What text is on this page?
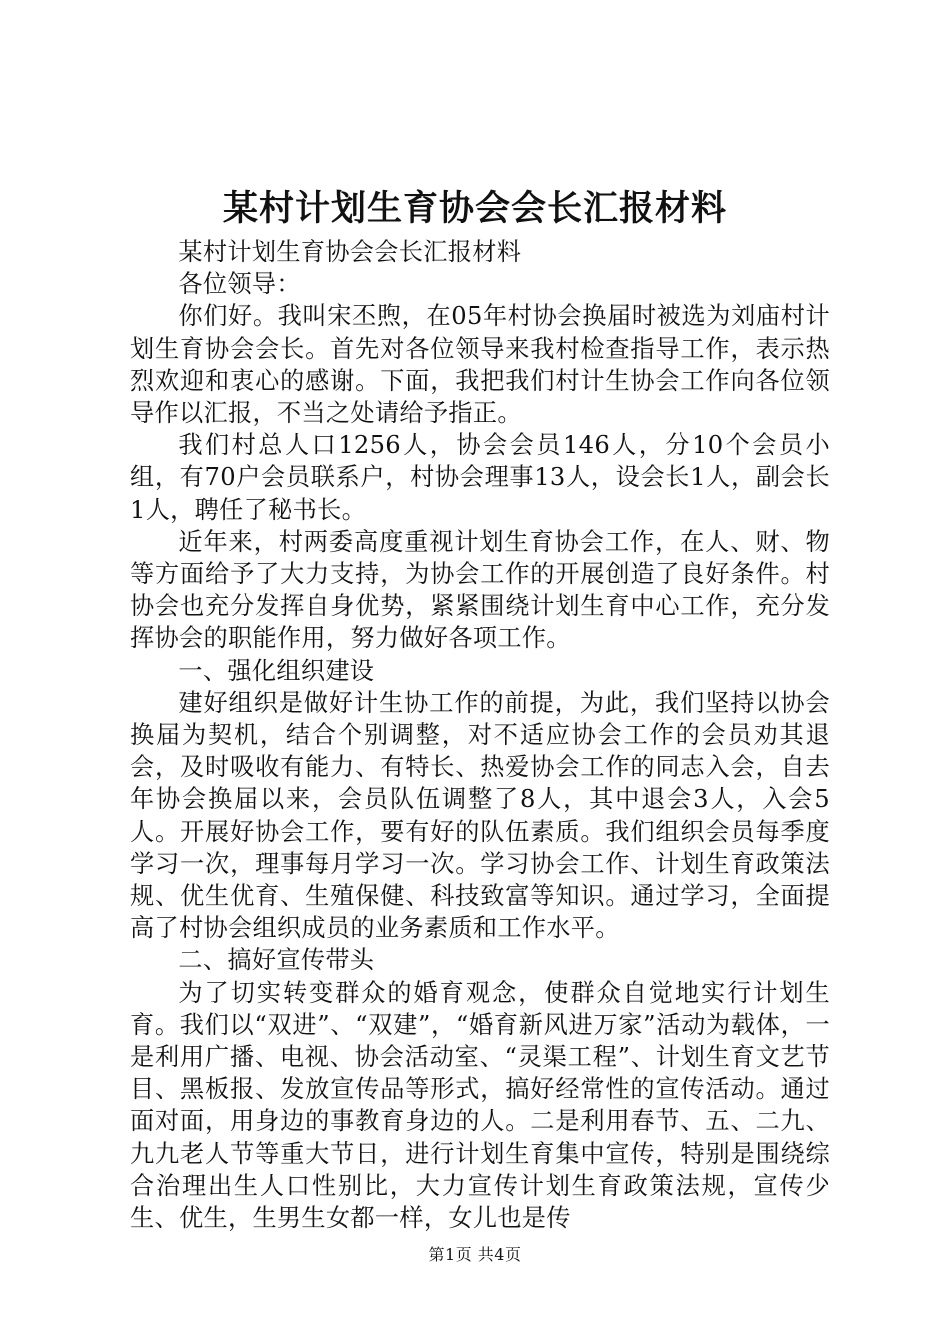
某村计划生育协会会长汇报材料

某村计划生育协会会长汇报材料

各位领导：

你们好。我叫宋丕煦，在05年村协会换届时被选为刘庙村计划生育协会会长。首先对各位领导来我村检查指导工作，表示热烈欢迎和衷心的感谢。下面，我把我们村计生协会工作向各位领导作以汇报，不当之处请给予指正。

我们村总人口1256人，协会会员146人，分10个会员小组，有70户会员联系户，村协会理事13人，设会长1人，副会长1人，聘任了秘书长。

近年来，村两委高度重视计划生育协会工作，在人、财、物等方面给予了大力支持，为协会工作的开展创造了良好条件。村协会也充分发挥自身优势，紧紧围绕计划生育中心工作，充分发挥协会的职能作用，努力做好各项工作。

一、强化组织建设

建好组织是做好计生协工作的前提，为此，我们坚持以协会换届为契机，结合个别调整，对不适应协会工作的会员劝其退会，及时吸收有能力、有特长、热爱协会工作的同志入会，自去年协会换届以来，会员队伍调整了8人，其中退会3人，入会5人。开展好协会工作，要有好的队伍素质。我们组织会员每季度学习一次，理事每月学习一次。学习协会工作、计划生育政策法规、优生优育、生殖保健、科技致富等知识。通过学习，全面提高了村协会组织成员的业务素质和工作水平。

二、搞好宣传带头

为了切实转变群众的婚育观念，使群众自觉地实行计划生育。我们以“双进”、“双建”，“婚育新风进万家”活动为载体，一是利用广播、电视、协会活动室、“灵渠工程”、计划生育文艺节目、黑板报、发放宣传品等形式，搞好经常性的宣传活动。通过面对面，用身边的事教育身边的人。二是利用春节、五、二九、九九老人节等重大节日，进行计划生育集中宣传，特别是围绕综合治理出生人口性别比，大力宣传计划生育政策法规，宣传少生、优生，生男生女都一样，女儿也是传

第1页 共4页
